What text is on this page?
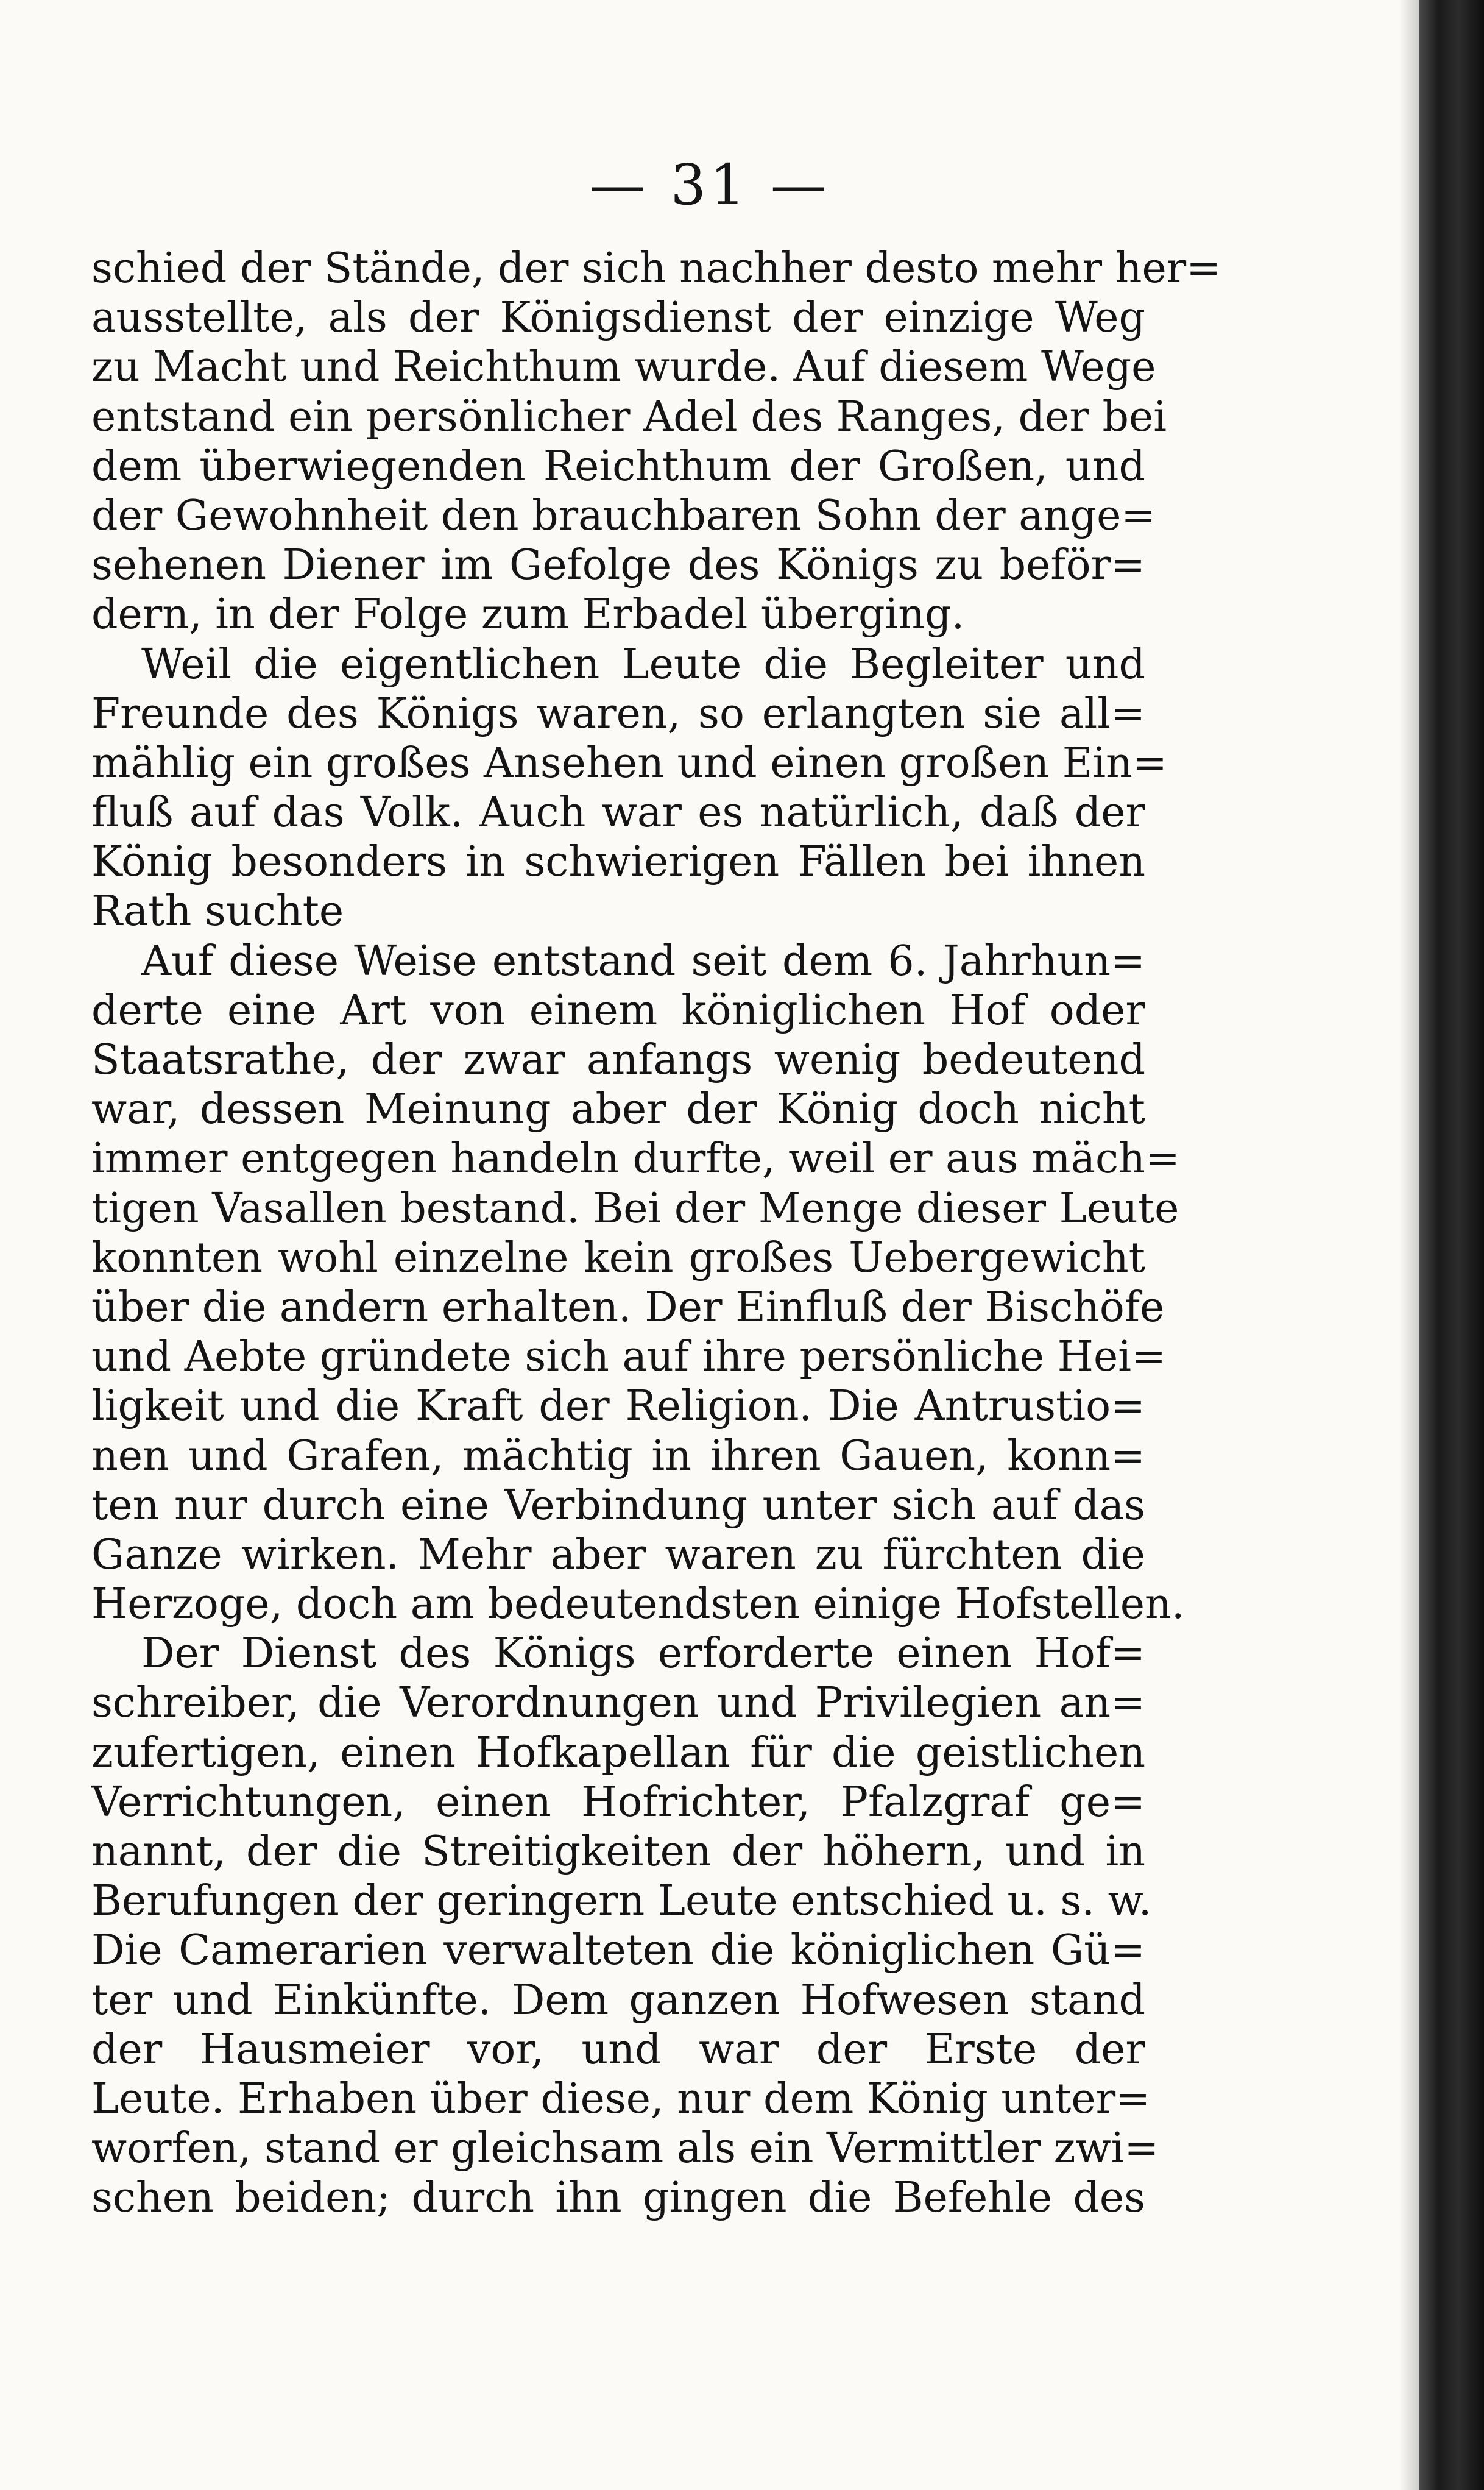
— 31 —
schied der Stände, der sich nachher desto mehr her=
ausstellte, als der Königsdienst der einzige Weg
zu Macht und Reichthum wurde. Auf diesem Wege
entstand ein persönlicher Adel des Ranges, der bei
dem überwiegenden Reichthum der Großen, und
der Gewohnheit den brauchbaren Sohn der ange=
sehenen Diener im Gefolge des Königs zu beför=
dern, in der Folge zum Erbadel überging.
Weil die eigentlichen Leute die Begleiter und
Freunde des Königs waren, so erlangten sie all=
mählig ein großes Ansehen und einen großen Ein=
fluß auf das Volk. Auch war es natürlich, daß der
König besonders in schwierigen Fällen bei ihnen
Rath suchte
Auf diese Weise entstand seit dem 6. Jahrhun=
derte eine Art von einem königlichen Hof oder
Staatsrathe, der zwar anfangs wenig bedeutend
war, dessen Meinung aber der König doch nicht
immer entgegen handeln durfte, weil er aus mäch=
tigen Vasallen bestand. Bei der Menge dieser Leute
konnten wohl einzelne kein großes Uebergewicht
über die andern erhalten. Der Einfluß der Bischöfe
und Aebte gründete sich auf ihre persönliche Hei=
ligkeit und die Kraft der Religion. Die Antrustio=
nen und Grafen, mächtig in ihren Gauen, konn=
ten nur durch eine Verbindung unter sich auf das
Ganze wirken. Mehr aber waren zu fürchten die
Herzoge, doch am bedeutendsten einige Hofstellen.
Der Dienst des Königs erforderte einen Hof=
schreiber, die Verordnungen und Privilegien an=
zufertigen, einen Hofkapellan für die geistlichen
Verrichtungen, einen Hofrichter, Pfalzgraf ge=
nannt, der die Streitigkeiten der höhern, und in
Berufungen der geringern Leute entschied u. s. w.
Die Camerarien verwalteten die königlichen Gü=
ter und Einkünfte. Dem ganzen Hofwesen stand
der Hausmeier vor, und war der Erste der
Leute. Erhaben über diese, nur dem König unter=
worfen, stand er gleichsam als ein Vermittler zwi=
schen beiden; durch ihn gingen die Befehle des
